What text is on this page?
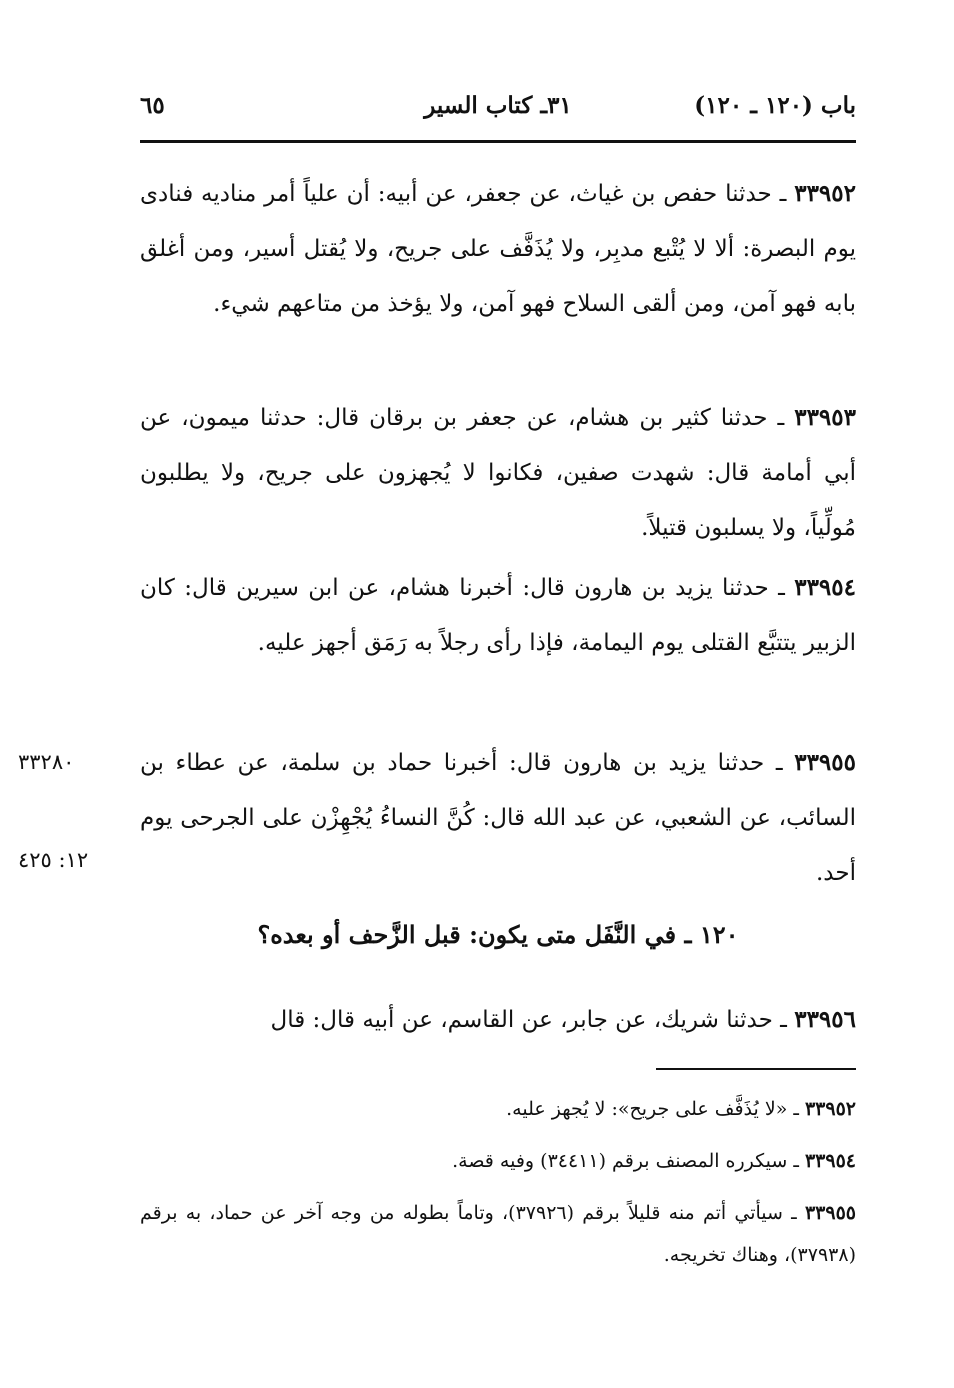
باب (١٢٠ ـ ١٢٠)
٣١ـ كتاب السير
٦٥
٣٣٩٥٢ ـ حدثنا حفص بن غياث، عن جعفر، عن أبيه: أن علياً أمر مناديه فنادى يوم البصرة: ألا لا يُتْبع مدبِر، ولا يُذَفَّف على جريح، ولا يُقتل أسير، ومن أغلق بابه فهو آمن، ومن ألقى السلاح فهو آمن، ولا يؤخذ من متاعهم شيء.
٣٣٩٥٣ ـ حدثنا كثير بن هشام، عن جعفر بن برقان قال: حدثنا ميمون، عن أبي أمامة قال: شهدت صفين، فكانوا لا يُجهزون على جريح، ولا يطلبون مُولِّياً، ولا يسلبون قتيلاً.
٣٣٩٥٤ ـ حدثنا يزيد بن هارون قال: أخبرنا هشام، عن ابن سيرين قال: كان الزبير يتتبَّع القتلى يوم اليمامة، فإذا رأى رجلاً به رَمَق أجهز عليه.
٣٣٩٥٥ ـ حدثنا يزيد بن هارون قال: أخبرنا حماد بن سلمة، عن عطاء بن السائب، عن الشعبي، عن عبد الله قال: كُنَّ النساءُ يُجْهِزْن على الجرحى يوم أحد.
٣٣٢٨٠
١٢: ٤٢٥
١٢٠ ـ في النَّفَل متى يكون: قبل الزَّحف أو بعده؟
٣٣٩٥٦ ـ حدثنا شريك، عن جابر، عن القاسم، عن أبيه قال: قال
٣٣٩٥٢ ـ «لا يُذَفَّف على جريح»: لا يُجهز عليه.
٣٣٩٥٤ ـ سيكرره المصنف برقم (٣٤٤١١) وفيه قصة.
٣٣٩٥٥ ـ سيأتي أتم منه قليلاً برقم (٣٧٩٢٦)، وتاماً بطوله من وجه آخر عن حماد، به برقم (٣٧٩٣٨)، وهناك تخريجه.
